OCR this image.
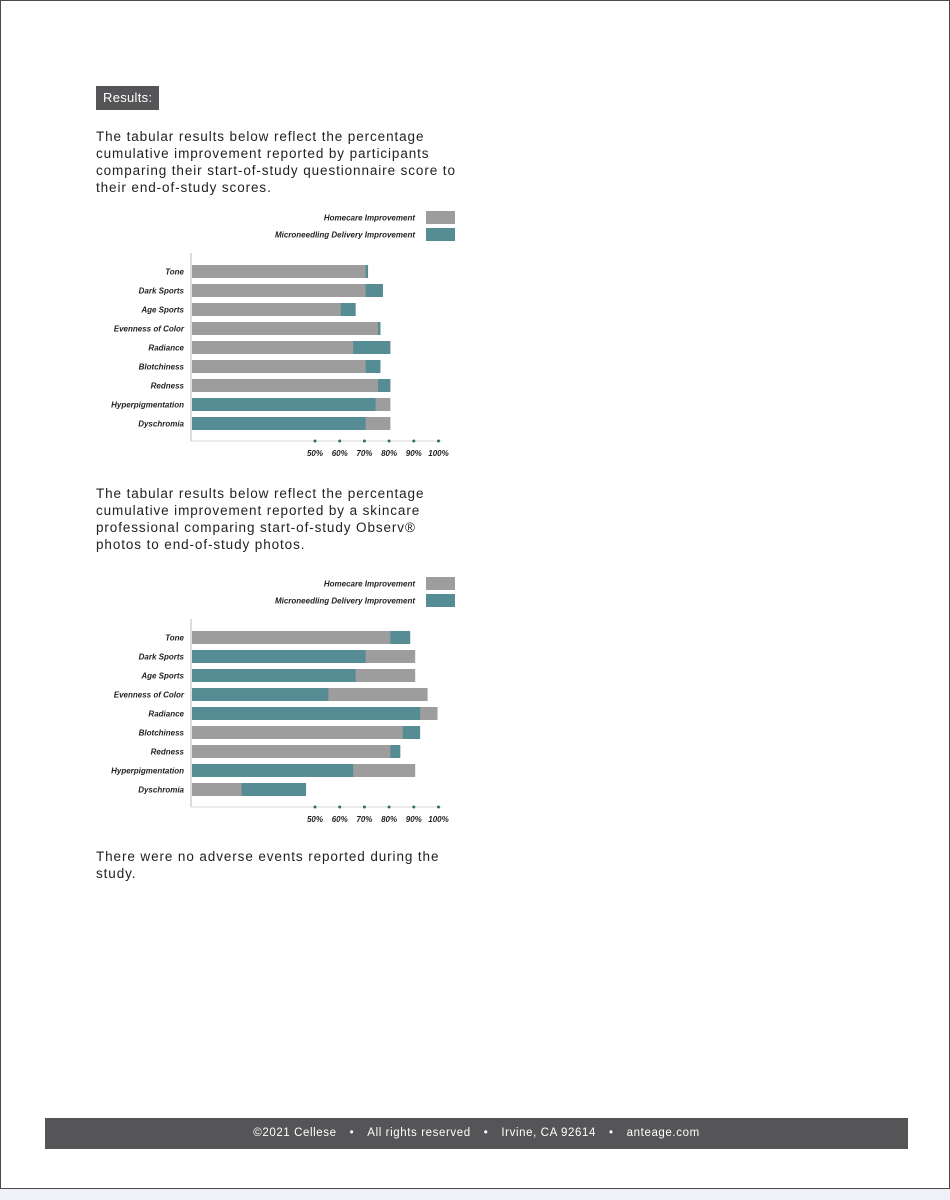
Results:

The tabular results below reflect the percentage cumulative improvement reported by participants comparing their start-of-study questionnaire score to their end-of-study scores.

Homecare Improvement
Microneedling Delivery Improvement
Tone
Dark Sports
Age Sports
Evenness of Color
Radiance
Blotchiness
Redness
Hyperpigmentation
Dyschromia
50% 60% 70% 80% 90% 100%

The tabular results below reflect the percentage cumulative improvement reported by a skincare professional comparing start-of-study Observ® photos to end-of-study photos.

Homecare Improvement
Microneedling Delivery Improvement
Tone
Dark Sports
Age Sports
Evenness of Color
Radiance
Blotchiness
Redness
Hyperpigmentation
Dyschromia
50% 60% 70% 80% 90% 100%

There were no adverse events reported during the study.

©2021 Cellese • All rights reserved • Irvine, CA 92614 • anteage.com
